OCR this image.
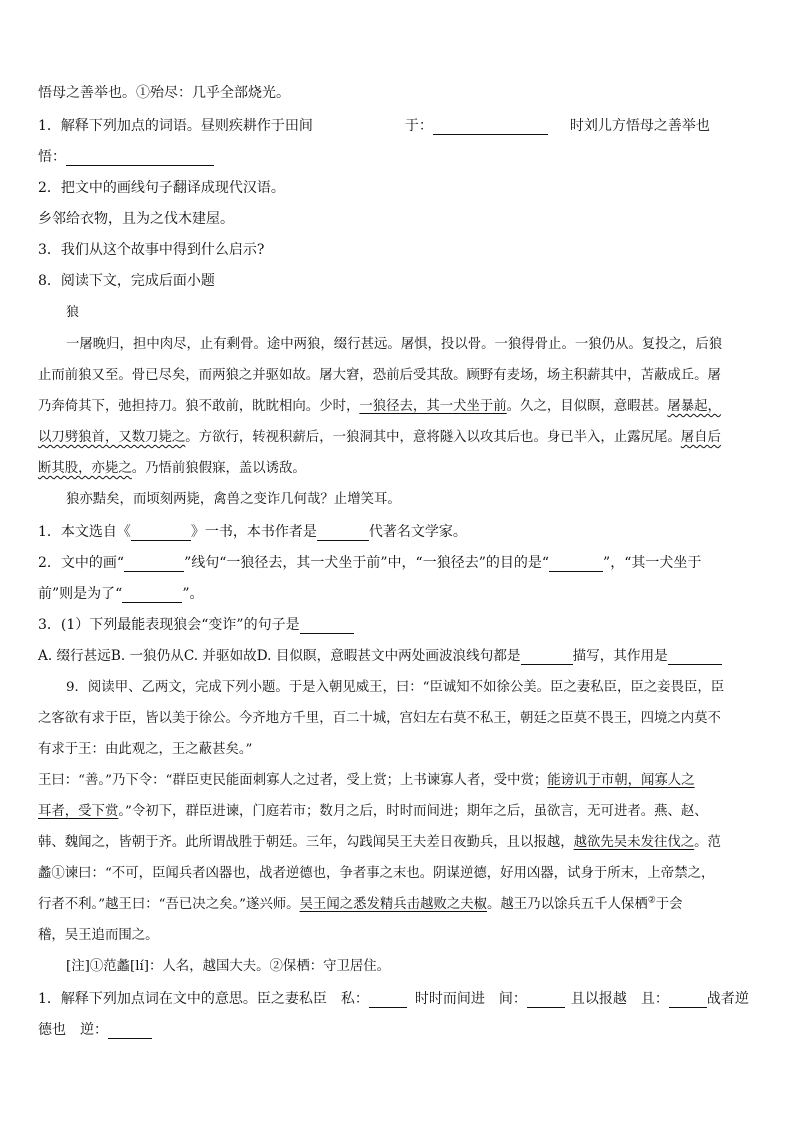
悟母之善举也。①殆尽：几乎全部烧光。
1．解释下列加点的词语。昼则疾耕作于田间	于：	时刘儿方悟母之善举也
悟：
2．把文中的画线句子翻译成现代汉语。
乡邻给衣物，且为之伐木建屋。
3．我们从这个故事中得到什么启示?
8．阅读下文，完成后面小题
狼
一屠晚归，担中肉尽，止有剩骨。途中两狼，缀行甚远。屠惧，投以骨。一狼得骨止。一狼仍从。复投之，后狼
止而前狼又至。骨已尽矣，而两狼之并驱如故。屠大窘，恐前后受其敌。顾野有麦场，场主积薪其中，苫蔽成丘。屠
乃奔倚其下，弛担持刀。狼不敢前，眈眈相向。少时，一狼径去，其一犬坐于前。久之，目似瞑，意暇甚。屠暴起，
以刀劈狼首，又数刀毙之。方欲行，转视积薪后，一狼洞其中，意将隧入以攻其后也。身已半入，止露尻尾。屠自后
断其股，亦毙之。乃悟前狼假寐，盖以诱敌。
狼亦黠矣，而顷刻两毙，禽兽之变诈几何哉？止增笑耳。
1．本文选自《	》一书，本书作者是	代著名文学家。
2．文中的画“	”线句“一狼径去，其一犬坐于前”中，“一狼径去”的目的是“	”，“其一犬坐于
前”则是为了“	”。
3．(1）下列最能表现狼会“变诈”的句子是
A. 缀行甚远B. 一狼仍从C. 并驱如故D. 目似瞑，意暇甚文中两处画波浪线句都是	描写，其作用是
9．阅读甲、乙两文，完成下列小题。于是入朝见威王，曰：“臣诚知不如徐公美。臣之妻私臣，臣之妾畏臣，臣
之客欲有求于臣，皆以美于徐公。今齐地方千里，百二十城，宫妇左右莫不私王，朝廷之臣莫不畏王，四境之内莫不
有求于王：由此观之，王之蔽甚矣。”
王曰：“善。”乃下令：“群臣吏民能面刺寡人之过者，受上赏；上书谏寡人者，受中赏；能谤讥于市朝，闻寡人之
耳者，受下赏。”令初下，群臣进谏，门庭若市；数月之后，时时而间进；期年之后，虽欲言，无可进者。燕、赵、
韩、魏闻之，皆朝于齐。此所谓战胜于朝廷。三年，勾践闻吴王夫差日夜勤兵，且以报越，越欲先吴未发往伐之。范
蠡①谏曰：“不可，臣闻兵者凶器也，战者逆德也，争者事之末也。阴谋逆德，好用凶器，试身于所末，上帝禁之，
行者不利。”越王曰：“吾已决之矣。”遂兴师。吴王闻之悉发精兵击越败之夫椒。越王乃以馀兵五千人保栖②于会
稽，吴王追而围之。
[注]①范蠡[lí]：人名，越国大夫。②保栖：守卫居住。
1．解释下列加点词在文中的意思。臣之妻私臣　私：	时时而间进　间：	且以报越　且：	战者逆
德也　逆：
